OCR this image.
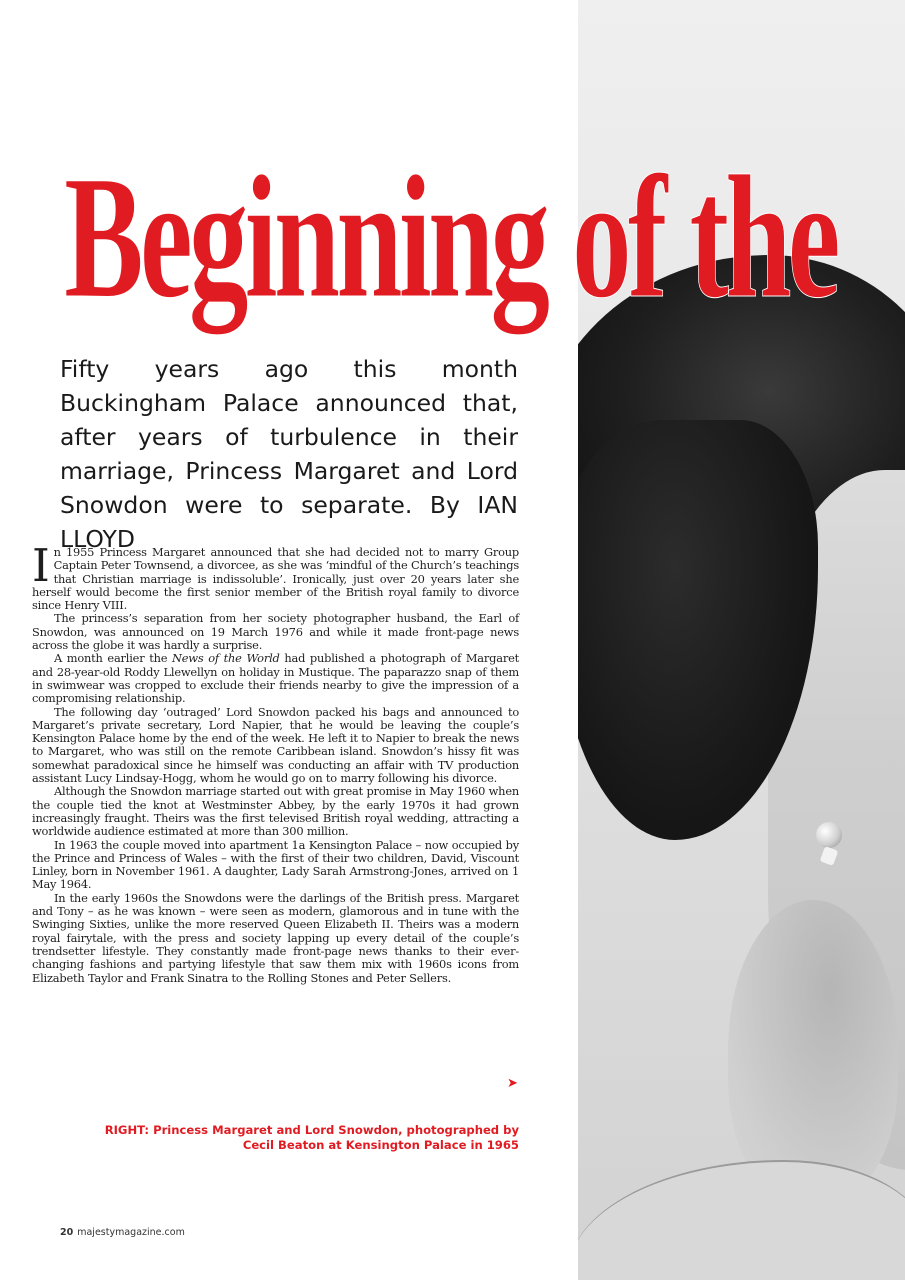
Beginning of the

Fifty years ago this month Buckingham Palace announced that, after years of turbulence in their marriage, Princess Margaret and Lord Snowdon were to separate. By IAN LLOYD

In 1955 Princess Margaret announced that she had decided not to marry Group Captain Peter Townsend, a divorcee, as she was ‘mindful of the Church’s teachings that Christian marriage is indissoluble’. Ironically, just over 20 years later she herself would become the first senior member of the British royal family to divorce since Henry VIII.

The princess’s separation from her society photographer husband, the Earl of Snowdon, was announced on 19 March 1976 and while it made front-page news across the globe it was hardly a surprise.

A month earlier the News of the World had published a photograph of Margaret and 28-year-old Roddy Llewellyn on holiday in Mustique. The paparazzo snap of them in swimwear was cropped to exclude their friends nearby to give the impression of a compromising relationship.

The following day ‘outraged’ Lord Snowdon packed his bags and announced to Margaret’s private secretary, Lord Napier, that he would be leaving the couple’s Kensington Palace home by the end of the week. He left it to Napier to break the news to Margaret, who was still on the remote Caribbean island. Snowdon’s hissy fit was somewhat paradoxical since he himself was conducting an affair with TV production assistant Lucy Lindsay-Hogg, whom he would go on to marry following his divorce.

Although the Snowdon marriage started out with great promise in May 1960 when the couple tied the knot at Westminster Abbey, by the early 1970s it had grown increasingly fraught. Theirs was the first televised British royal wedding, attracting a worldwide audience estimated at more than 300 million.

In 1963 the couple moved into apartment 1a Kensington Palace – now occupied by the Prince and Princess of Wales – with the first of their two children, David, Viscount Linley, born in November 1961. A daughter, Lady Sarah Armstrong-Jones, arrived on 1 May 1964.

In the early 1960s the Snowdons were the darlings of the British press. Margaret and Tony – as he was known – were seen as modern, glamorous and in tune with the Swinging Sixties, unlike the more reserved Queen Elizabeth II. Theirs was a modern royal fairytale, with the press and society lapping up every detail of the couple’s trendsetter lifestyle. They constantly made front-page news thanks to their ever-changing fashions and partying lifestyle that saw them mix with 1960s icons from Elizabeth Taylor and Frank Sinatra to the Rolling Stones and Peter Sellers.

➤

RIGHT: Princess Margaret and Lord Snowdon, photographed by Cecil Beaton at Kensington Palace in 1965

20 majestymagazine.com
